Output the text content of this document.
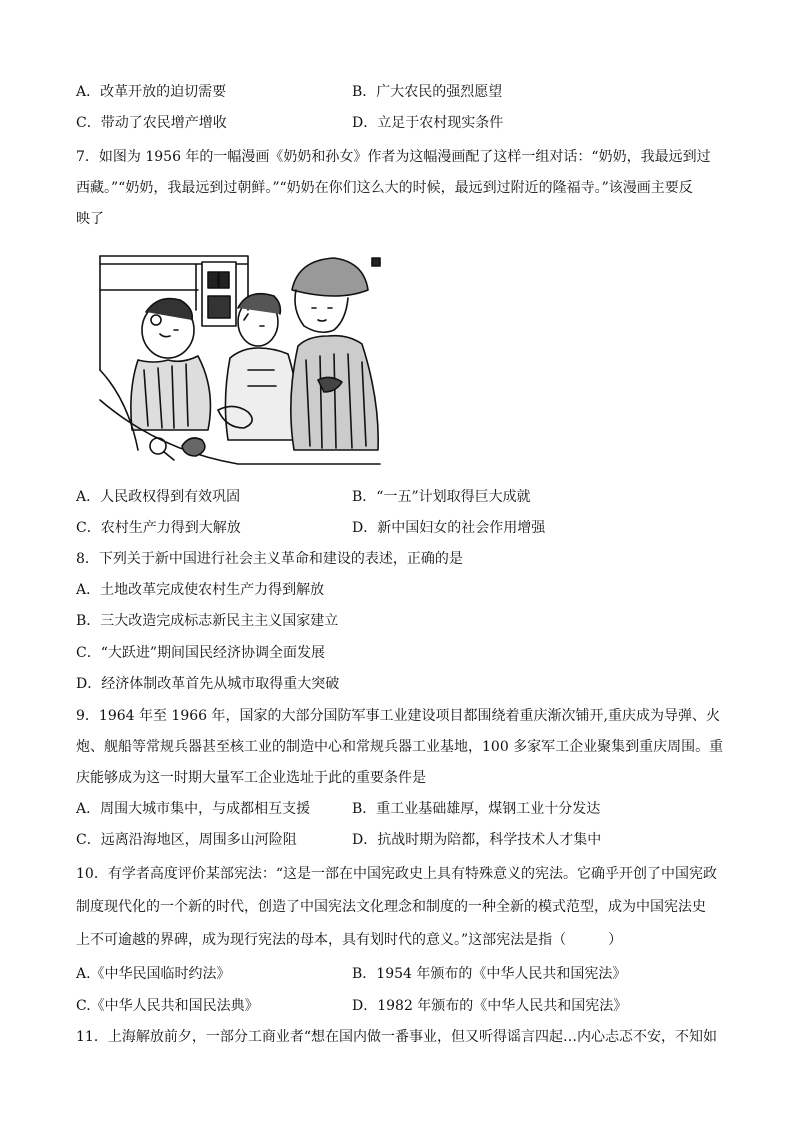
A．改革开放的迫切需要	B．广大农民的强烈愿望
C．带动了农民增产增收	D．立足于农村现实条件
7．如图为 1956 年的一幅漫画《奶奶和孙女》作者为这幅漫画配了这样一组对话：“奶奶，我最远到过
西藏。”“奶奶，我最远到过朝鲜。”“奶奶在你们这么大的时候，最远到过附近的隆福寺。”该漫画主要反
映了
A．人民政权得到有效巩固	B．“一五”计划取得巨大成就
C．农村生产力得到大解放	D．新中国妇女的社会作用增强
8．下列关于新中国进行社会主义革命和建设的表述，正确的是
A．土地改革完成使农村生产力得到解放
B．三大改造完成标志新民主主义国家建立
C．“大跃进”期间国民经济协调全面发展
D．经济体制改革首先从城市取得重大突破
9．1964 年至 1966 年，国家的大部分国防军事工业建设项目都围绕着重庆渐次铺开,重庆成为导弹、火
炮、舰船等常规兵器甚至核工业的制造中心和常规兵器工业基地，100 多家军工企业聚集到重庆周围。重
庆能够成为这一时期大量军工企业选址于此的重要条件是
A．周围大城市集中，与成都相互支援	B．重工业基础雄厚，煤钢工业十分发达
C．远离沿海地区，周围多山河险阻	D．抗战时期为陪都，科学技术人才集中
10．有学者高度评价某部宪法：“这是一部在中国宪政史上具有特殊意义的宪法。它确乎开创了中国宪政
制度现代化的一个新的时代，创造了中国宪法文化理念和制度的一种全新的模式范型，成为中国宪法史
上不可逾越的界碑，成为现行宪法的母本，具有划时代的意义。”这部宪法是指（　　　）
A.《中华民国临时约法》	B．1954 年颁布的《中华人民共和国宪法》
C.《中华人民共和国民法典》	D．1982 年颁布的《中华人民共和国宪法》
11．上海解放前夕，一部分工商业者“想在国内做一番事业，但又听得谣言四起…内心忐忑不安，不知如
